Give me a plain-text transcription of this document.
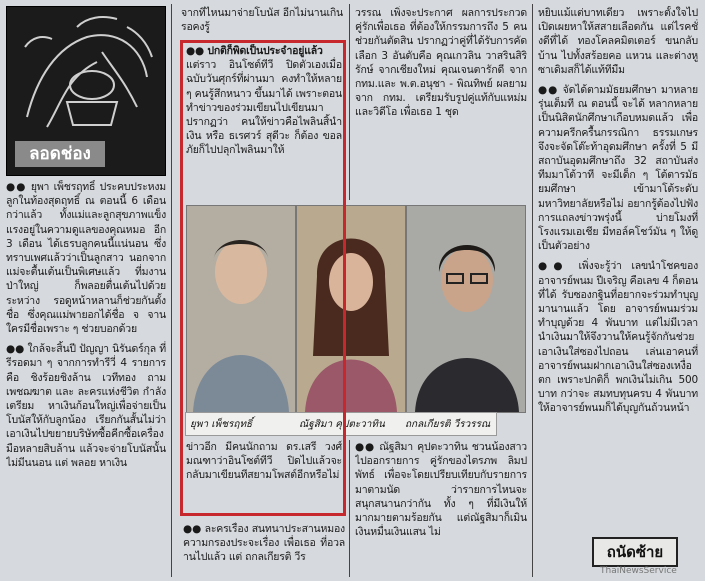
ลอดช่อง

●● ยุพา เพ็ชรฤทธิ์ ประคบประหงมลูกในท้องสุดฤทธิ์ ณ ตอนนี้ 6 เดือนกว่าแล้ว ทั้งแม่และลูกสุขภาพแข็งแรงอยู่ในความดูแลของคุณหมอ อีก 3 เดือน ได้เธรบลูกคนนี้แน่นอน ซึ่ง ทราบเพศแล้วว่าเป็นลูกสาว นอกจากแม่จะตื้นเต้นเป็นพิเศษแล้ว ที่มงานป่าใหญ่ ก็พลอยตื่นเต้นไปด้วย ระหว่าง รอดูหน้าหลานก็ช่วยกันตั้งชื่อ ซึ่งคุณแม่พายอกได้ชื่อ จ จาน ใครมีชื่อเพราะ ๆ ช่วยบอกด้วย

●● ใกล้จะสิ้นปี ปัญญา นิรันดร์กุล ที่รีรอดมา ๆ จากการทำรีวี่ 4 รายการ คือ ชิงร้อยชิงล้าน เวทีทอง ถามเพชฌฆาต และ ละครแห่งชีวิต กำลังเตรียม หาเงินก้อนใหญ่เพื่อจ่ายเป็นโบนัสให้กับลูกน้อง เรียกกันสั้นไม่ว่า เอาเงินไปขยายบริษัทซื้อคีกซื้อเครื่องมือหลายสิบล้าน แล้วจะจ่ายโบนัสนั้นไม่มีนนอน แต่ พลอย หาเงิน

จากที่ไหนมาจ่ายโบนัส อีกไม่นานเกินรอคงรู้

●● ปกติก็พิดเป็นประจำอยู่แล้ว

แต่ราว อินโซต์ทีวี ปิดตัวเองเมื่อฉบับวันศุกร์ที่ผ่านมา คงทำให้หลาย ๆ คนรู้สึกหนาว ขึ้นมาได้ เพราะตอนทำข่าวของร่วมเขียนไปเขียนมา ปรากฏว่า คนให้ข่าวคือไพลินสิ้นำเงิน หรือ ธเรศวร์ สุดีวะ ก็ต้อง ขอลภัยก็ไปปลุกไพลินมาให้

วรรณ เพิ่งจะประกาศ ผลการประกวดคู่รักเพื่อเธอ ที่ต้องให้กรรมการถึง 5 คนช่วยกันตัดสิน ปรากฏว่าคู่ที่ได้รับการคัดเลือก 3 อันดับคือ คุณเกวลิน วาสรินสิริรักษ์ จากเชียงใหม่ คุณเจนตารักดี จาก กทม.และ พ.ต.อนุชา - พิณทิพย์ ผลยาม จาก กทม. เตรียมรับรูปคู่แท้กับแหม่มและวิดีโอ เพื่อเธอ 1 ชุด

ยุพา เพ็ชรฤทธิ์	ณัฐสิมา คุปตะวาทิน ถกลเกียรติ วีรวรรณ

ข่าวอีก มีคนนักถาม ดร.เสรี วงศ์มณฑาว่าอินโซต์ทีวี ปิดไปแล้วจะกลับมาเขียนทีสยามโพสต์อีกหรือไม่

●● ละครเรื่อง สนทนาประสานหมองความกรองประจะเรื่อง เพื่อเธอ ที่อวลานไปแล้ว แต่ ถกลเกียรติ วีร

●● ณัฐสิมา คุปตะวาทิน ชวนน้องสาวไปออกรายการ คู่รักของไตรภพ ลิมปพัทธ์ เพื่อจะโดยเปรียบเทียบกับรายการ มาตามนัด ว่ารายการไหนจะ สนุกสนานกว่ากัน ทั้ง ๆ ที่มีเงินให้มากมายตามร้อยกัน แต่ณัฐสิมาก็เมินเงินหมื่นเงินแสน ไม่

หยิบแม้แต่บาทเดียว เพราะตั้งใจไปเปิดเผยหาให้สสายเลือดกัน แต่ไรคชั่งดีที่ได้ ทองโคลคมิตเตอร์ ขนกลับบ้าน ไปทั้งสร้อยคอ แหวน และต่างหู ซาเดิมสก็ได้แท้ทีมืม

●● จัดได้ตามมัธยมศึกษา มาหลายรุ่นเต็มที ณ ตอนนี้ จะได้ หลากหลาย เป็นนิสิตนักศึกษาเกือบหมดแล้ว เพื่อความครีกครื้นกรรณิกา ธรรมเกษร จึงจะจัดโต๊ะท้าอุดมศึกษา ครั้งที่ 5 มีสถาบันอุดมศึกษาถึง 32 สถาบันส่งทีมมาโต้วาที จะมีเด็ก ๆ โต้ตารมัธยมศึกษา เข้ามาโต้ระดับมหาวิทยาลัยหรือไม่ อยากรู้ต้องไปฟังการแถลงข่าวพรุ่งนี้ บ่ายโมงที่โรงแรมเอเชีย มีทอล์คโชว์มัน ๆ ให้ดูเป็นตัวอย่าง

●● เพิ่งจะรู้ว่า เลขนำโชคของอาจารย์พนม ปีเจริญ คือเลข 4 ก็ตอนที่ได้ รับซองกฐินที่อยากจะร่วมทำบุญมานานแล้ว โดย อาจารย์พนมร่วมทำบุญด้วย 4 พันบาท แต่ไม่มีเวลานำเงินมาให้จึงวานให้คนรู้จักกันช่วยเอาเงินใส่ซองไปถอน เล่นเอาคนที่อาจารย์พนมฝากเอาเงินใส่ซองเหงื่อตก เพราะปกติก็ พกเงินไม่เกิน 500 บาท กว่าจะ สมทบทุนครบ 4 พันบาทให้อาจารย์พนมก็ได้บุญกันถ้วนหน้า

ถนัดซ้าย
ThaiNewsService
